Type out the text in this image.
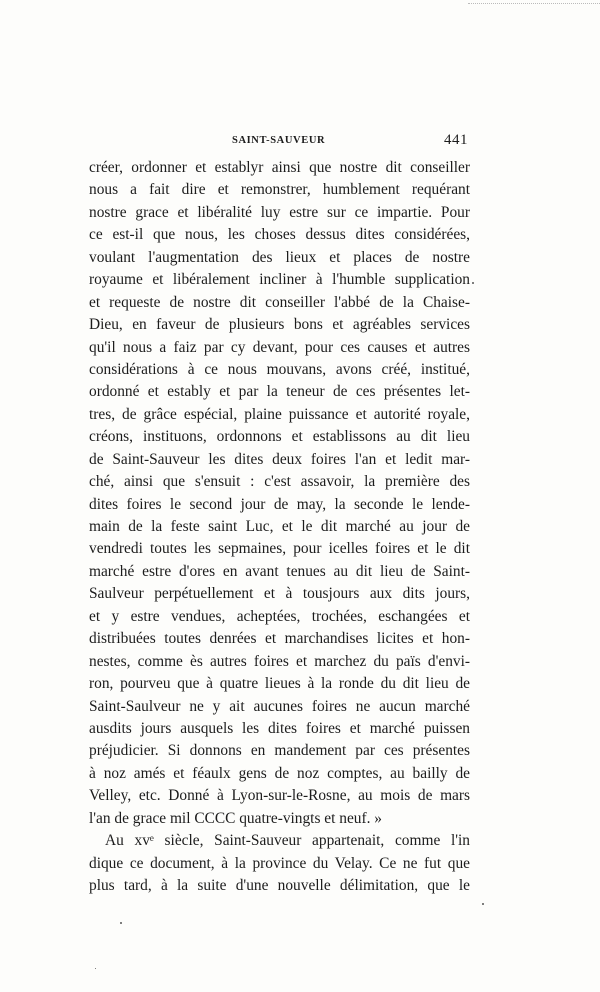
SAINT-SAUVEUR	441
créer, ordonner et establyr ainsi que nostre dit conseiller
nous a fait dire et remonstrer, humblement requérant
nostre grace et libéralité luy estre sur ce impartie. Pour
ce est-il que nous, les choses dessus dites considérées,
voulant l'augmentation des lieux et places de nostre
royaume et libéralement incliner à l'humble supplication
et requeste de nostre dit conseiller l'abbé de la Chaise-
Dieu, en faveur de plusieurs bons et agréables services
qu'il nous a faiz par cy devant, pour ces causes et autres
considérations à ce nous mouvans, avons créé, institué,
ordonné et estably et par la teneur de ces présentes let-
tres, de grâce espécial, plaine puissance et autorité royale,
créons, instituons, ordonnons et establissons au dit lieu
de Saint-Sauveur les dites deux foires l'an et ledit mar-
ché, ainsi que s'ensuit : c'est assavoir, la première des
dites foires le second jour de may, la seconde le lende-
main de la feste saint Luc, et le dit marché au jour de
vendredi toutes les sepmaines, pour icelles foires et le dit
marché estre d'ores en avant tenues au dit lieu de Saint-
Saulveur perpétuellement et à tousjours aux dits jours,
et y estre vendues, acheptées, trochées, eschangées et
distribuées toutes denrées et marchandises licites et hon-
nestes, comme ès autres foires et marchez du païs d'envi-
ron, pourveu que à quatre lieues à la ronde du dit lieu de
Saint-Saulveur ne y ait aucunes foires ne aucun marché
ausdits jours ausquels les dites foires et marché puissen
préjudicier. Si donnons en mandement par ces présentes
à noz amés et féaulx gens de noz comptes, au bailly de
Velley, etc. Donné à Lyon-sur-le-Rosne, au mois de mars
l'an de grace mil CCCC quatre-vingts et neuf. »
Au xvᵉ siècle, Saint-Sauveur appartenait, comme l'in
dique ce document, à la province du Velay. Ce ne fut que
plus tard, à la suite d'une nouvelle délimitation, que le
